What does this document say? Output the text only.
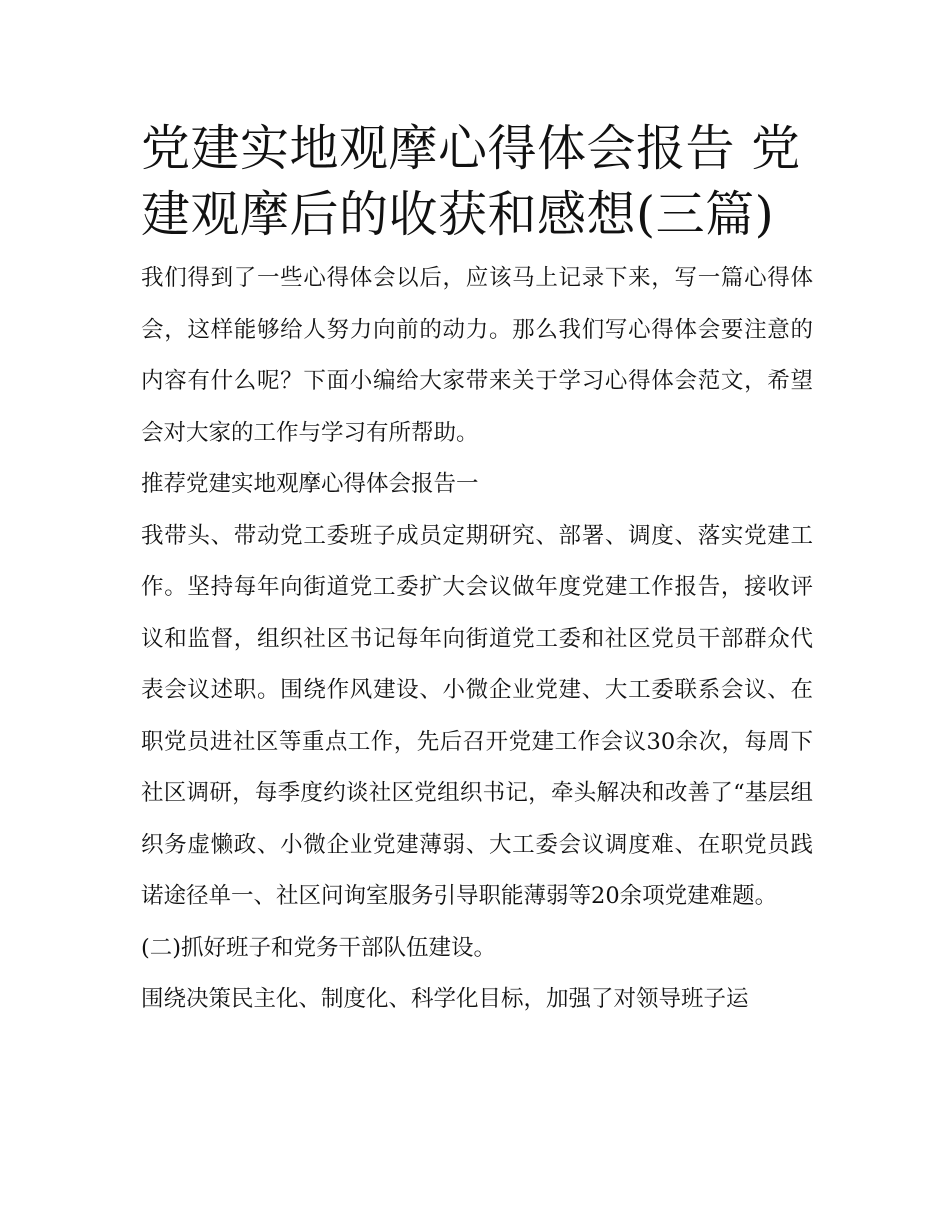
党建实地观摩心得体会报告 党建观摩后的收获和感想(三篇)

我们得到了一些心得体会以后，应该马上记录下来，写一篇心得体会，这样能够给人努力向前的动力。那么我们写心得体会要注意的内容有什么呢？下面小编给大家带来关于学习心得体会范文，希望会对大家的工作与学习有所帮助。

推荐党建实地观摩心得体会报告一

我带头、带动党工委班子成员定期研究、部署、调度、落实党建工作。坚持每年向街道党工委扩大会议做年度党建工作报告，接收评议和监督，组织社区书记每年向街道党工委和社区党员干部群众代表会议述职。围绕作风建设、小微企业党建、大工委联系会议、在职党员进社区等重点工作，先后召开党建工作会议30余次，每周下社区调研，每季度约谈社区党组织书记，牵头解决和改善了“基层组织务虚懒政、小微企业党建薄弱、大工委会议调度难、在职党员践诺途径单一、社区问询室服务引导职能薄弱等20余项党建难题。

(二)抓好班子和党务干部队伍建设。

围绕决策民主化、制度化、科学化目标，加强了对领导班子运
